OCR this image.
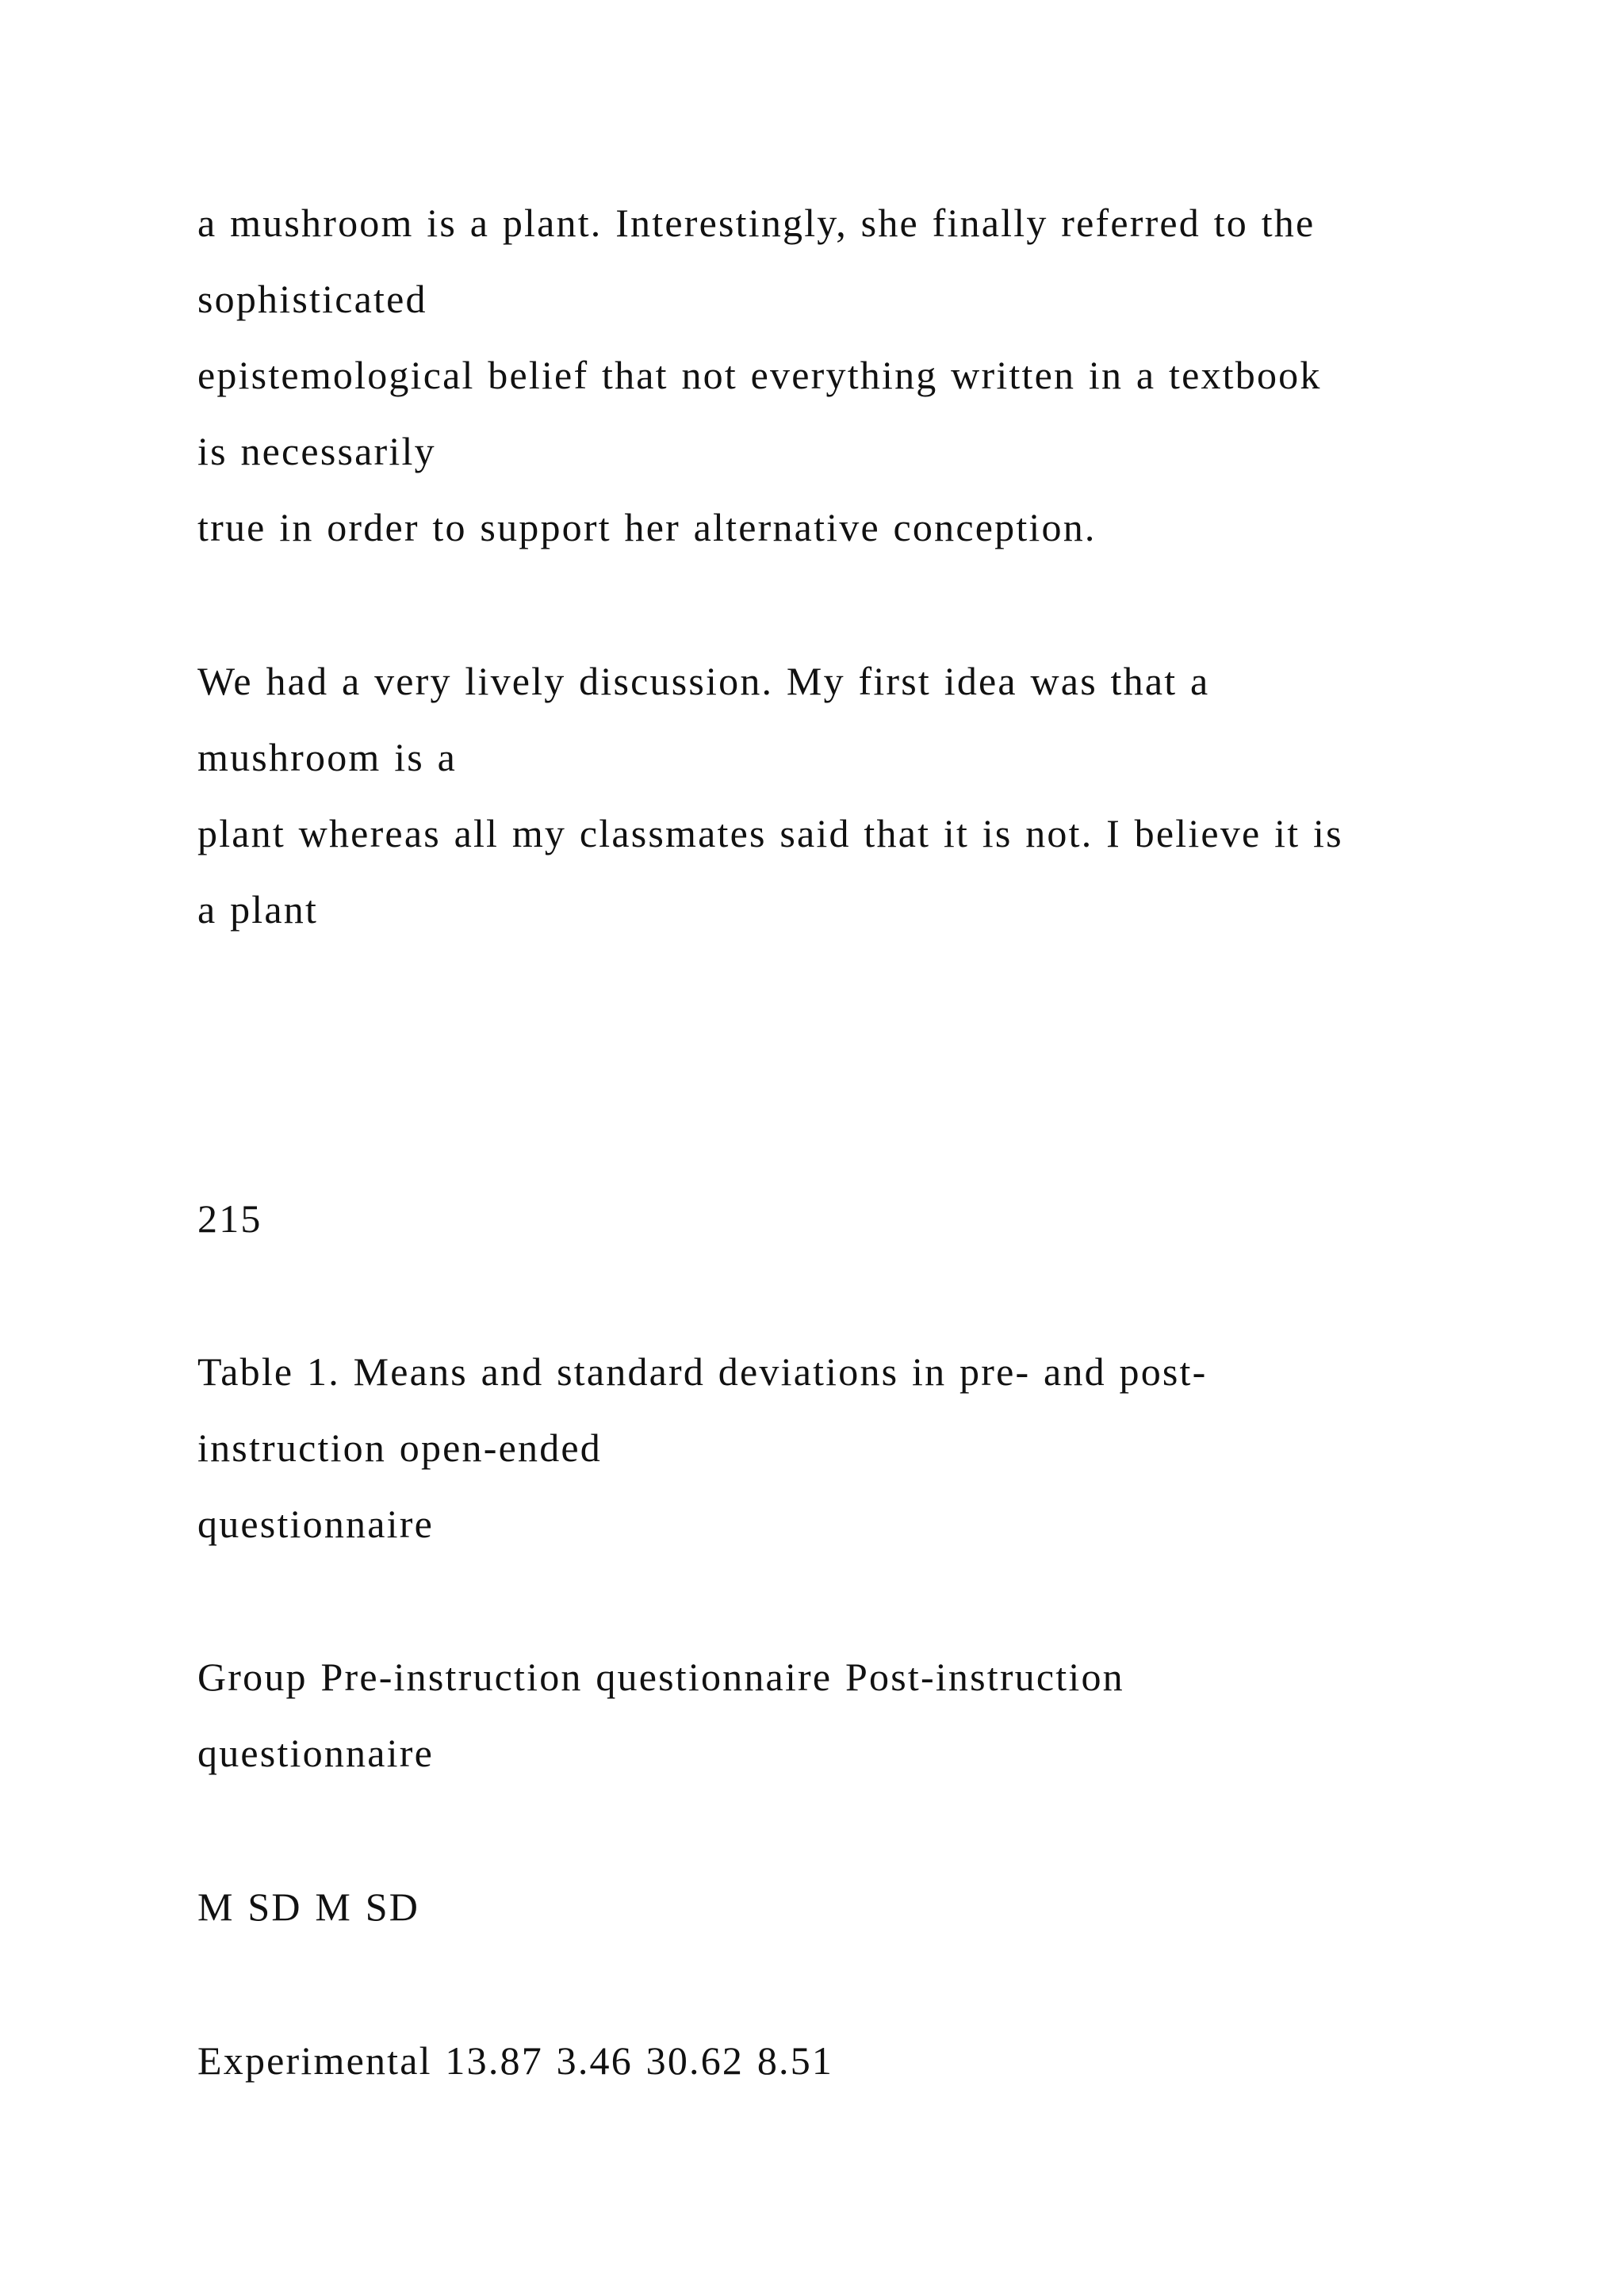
a mushroom is a plant. Interestingly, she finally referred to the

sophisticated

epistemological belief that not everything written in a textbook

is necessarily

true in order to support her alternative conception.

We had a very lively discussion. My first idea was that a

mushroom is a

plant whereas all my classmates said that it is not. I believe it is

a plant

215

Table 1. Means and standard deviations in pre- and post-

instruction open-ended

questionnaire

Group Pre-instruction questionnaire Post-instruction

questionnaire

M SD M SD

Experimental 13.87 3.46 30.62 8.51
